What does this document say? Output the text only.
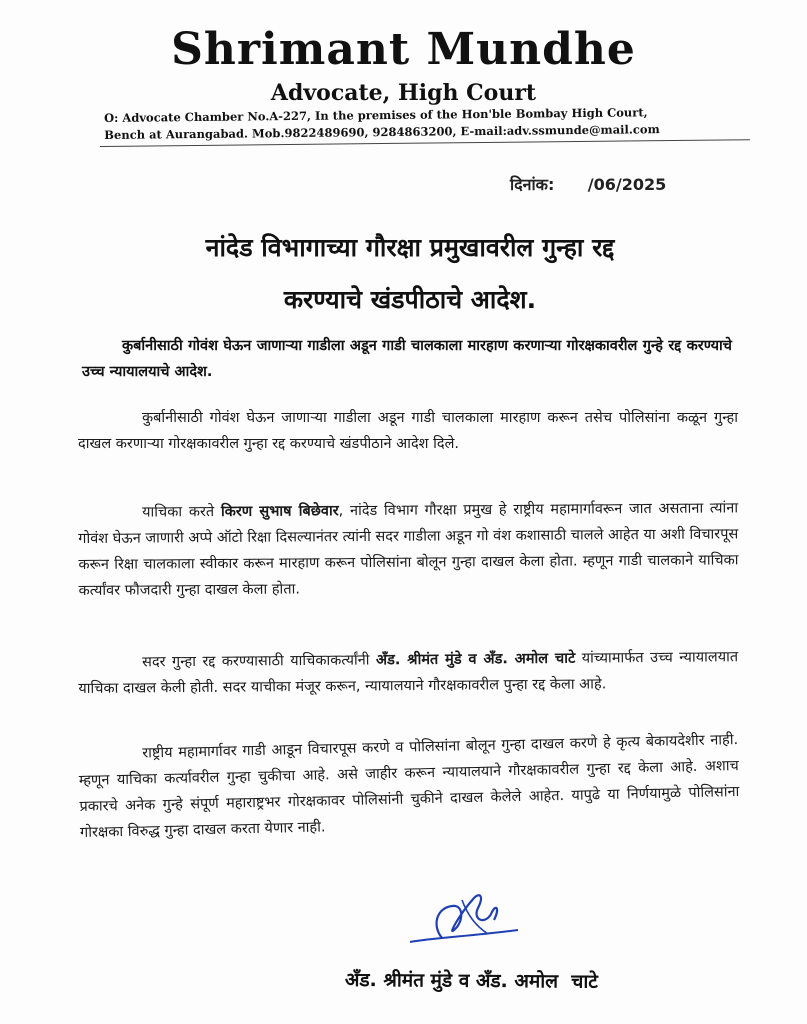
Shrimant Mundhe
Advocate, High Court
O: Advocate Chamber No.A-227, In the premises of the Hon'ble Bombay High Court,
Bench at Aurangabad. Mob.9822489690, 9284863200, E-mail:adv.ssmunde@mail.com
दिनांक: /06/2025
नांदेड विभागाच्या गौरक्षा प्रमुखावरील गुन्हा रद्द
करण्याचे खंडपीठाचे आदेश.
कुर्बानीसाठी गोवंश घेऊन जाणाऱ्या गाडीला अडून गाडी चालकाला मारहाण करणाऱ्या गोरक्षकावरील गुन्हे रद्द करण्याचे उच्च न्यायालयाचे आदेश.
कुर्बानीसाठी गोवंश घेऊन जाणाऱ्या गाडीला अडून गाडी चालकाला मारहाण करून तसेच पोलिसांना कळून गुन्हा दाखल करणाऱ्या गोरक्षकावरील गुन्हा रद्द करण्याचे खंडपीठाने आदेश दिले.
याचिका करते किरण सुभाष बिछेवार, नांदेड विभाग गौरक्षा प्रमुख हे राष्ट्रीय महामार्गावरून जात असताना त्यांना गोवंश घेऊन जाणारी अप्पे ऑटो रिक्षा दिसल्यानंतर त्यांनी सदर गाडीला अडून गो वंश कशासाठी चालले आहेत या अशी विचारपूस करून रिक्षा चालकाला स्वीकार करून मारहाण करून पोलिसांना बोलून गुन्हा दाखल केला होता. म्हणून गाडी चालकाने याचिका कर्त्यांवर फौजदारी गुन्हा दाखल केला होता.
सदर गुन्हा रद्द करण्यासाठी याचिकाकर्त्यांनी अँड. श्रीमंत मुंडे व अँड. अमोल चाटे यांच्यामार्फत उच्च न्यायालयात याचिका दाखल केली होती. सदर याचीका मंजूर करून, न्यायालयाने गौरक्षकावरील पुन्हा रद्द केला आहे.
राष्ट्रीय महामार्गावर गाडी आडून विचारपूस करणे व पोलिसांना बोलून गुन्हा दाखल करणे हे कृत्य बेकायदेशीर नाही. म्हणून याचिका कर्त्यावरील गुन्हा चुकीचा आहे. असे जाहीर करून न्यायालयाने गौरक्षकावरील गुन्हा रद्द केला आहे. अशाच प्रकारचे अनेक गुन्हे संपूर्ण महाराष्ट्रभर गोरक्षकावर पोलिसांनी चुकीने दाखल केलेले आहेत. यापुढे या निर्णयामुळे पोलिसांना गोरक्षका विरुद्ध गुन्हा दाखल करता येणार नाही.
अँड. श्रीमंत मुंडे व अँड. अमोल  चाटे
